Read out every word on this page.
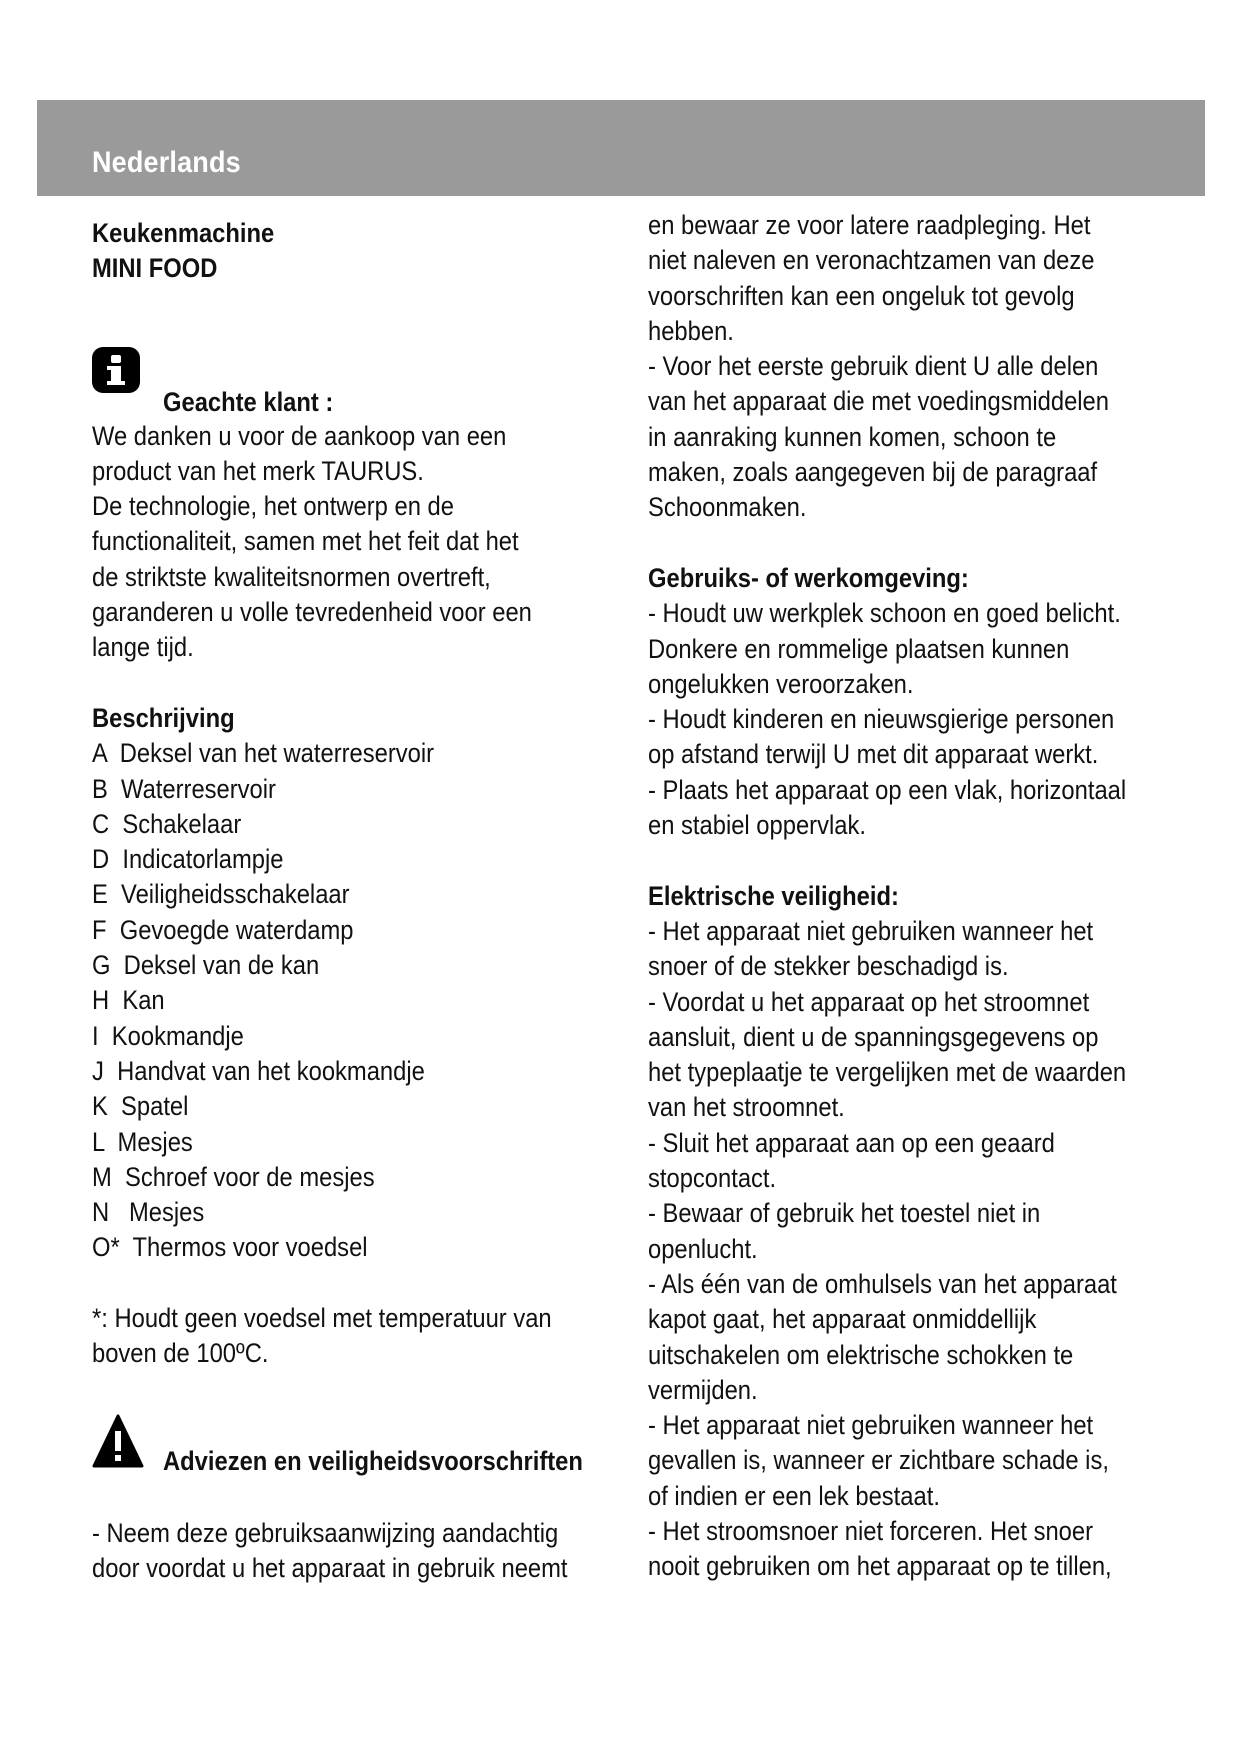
Nederlands
Keukenmachine
MINI FOOD
Geachte klant :
We danken u voor de aankoop van een
product van het merk TAURUS.
De technologie, het ontwerp en de
functionaliteit, samen met het feit dat het
de striktste kwaliteitsnormen overtreft,
garanderen u volle tevredenheid voor een
lange tijd.
Beschrijving
A  Deksel van het waterreservoir
B  Waterreservoir
C  Schakelaar
D  Indicatorlampje
E  Veiligheidsschakelaar
F  Gevoegde waterdamp
G  Deksel van de kan
H  Kan
I  Kookmandje
J  Handvat van het kookmandje
K  Spatel
L  Mesjes
M  Schroef voor de mesjes
N   Mesjes
O*  Thermos voor voedsel
*: Houdt geen voedsel met temperatuur van
boven de 100ºC.
Adviezen en veiligheidsvoorschriften
- Neem deze gebruiksaanwijzing aandachtig
door voordat u het apparaat in gebruik neemt
en bewaar ze voor latere raadpleging. Het
niet naleven en veronachtzamen van deze
voorschriften kan een ongeluk tot gevolg
hebben.
- Voor het eerste gebruik dient U alle delen
van het apparaat die met voedingsmiddelen
in aanraking kunnen komen, schoon te
maken, zoals aangegeven bij de paragraaf
Schoonmaken.
Gebruiks- of werkomgeving:
- Houdt uw werkplek schoon en goed belicht.
Donkere en rommelige plaatsen kunnen
ongelukken veroorzaken.
- Houdt kinderen en nieuwsgierige personen
op afstand terwijl U met dit apparaat werkt.
- Plaats het apparaat op een vlak, horizontaal
en stabiel oppervlak.
Elektrische veiligheid:
- Het apparaat niet gebruiken wanneer het
snoer of de stekker beschadigd is.
- Voordat u het apparaat op het stroomnet
aansluit, dient u de spanningsgegevens op
het typeplaatje te vergelijken met de waarden
van het stroomnet.
- Sluit het apparaat aan op een geaard
stopcontact.
- Bewaar of gebruik het toestel niet in
openlucht.
- Als één van de omhulsels van het apparaat
kapot gaat, het apparaat onmiddellijk
uitschakelen om elektrische schokken te
vermijden.
- Het apparaat niet gebruiken wanneer het
gevallen is, wanneer er zichtbare schade is,
of indien er een lek bestaat.
- Het stroomsnoer niet forceren. Het snoer
nooit gebruiken om het apparaat op te tillen,
